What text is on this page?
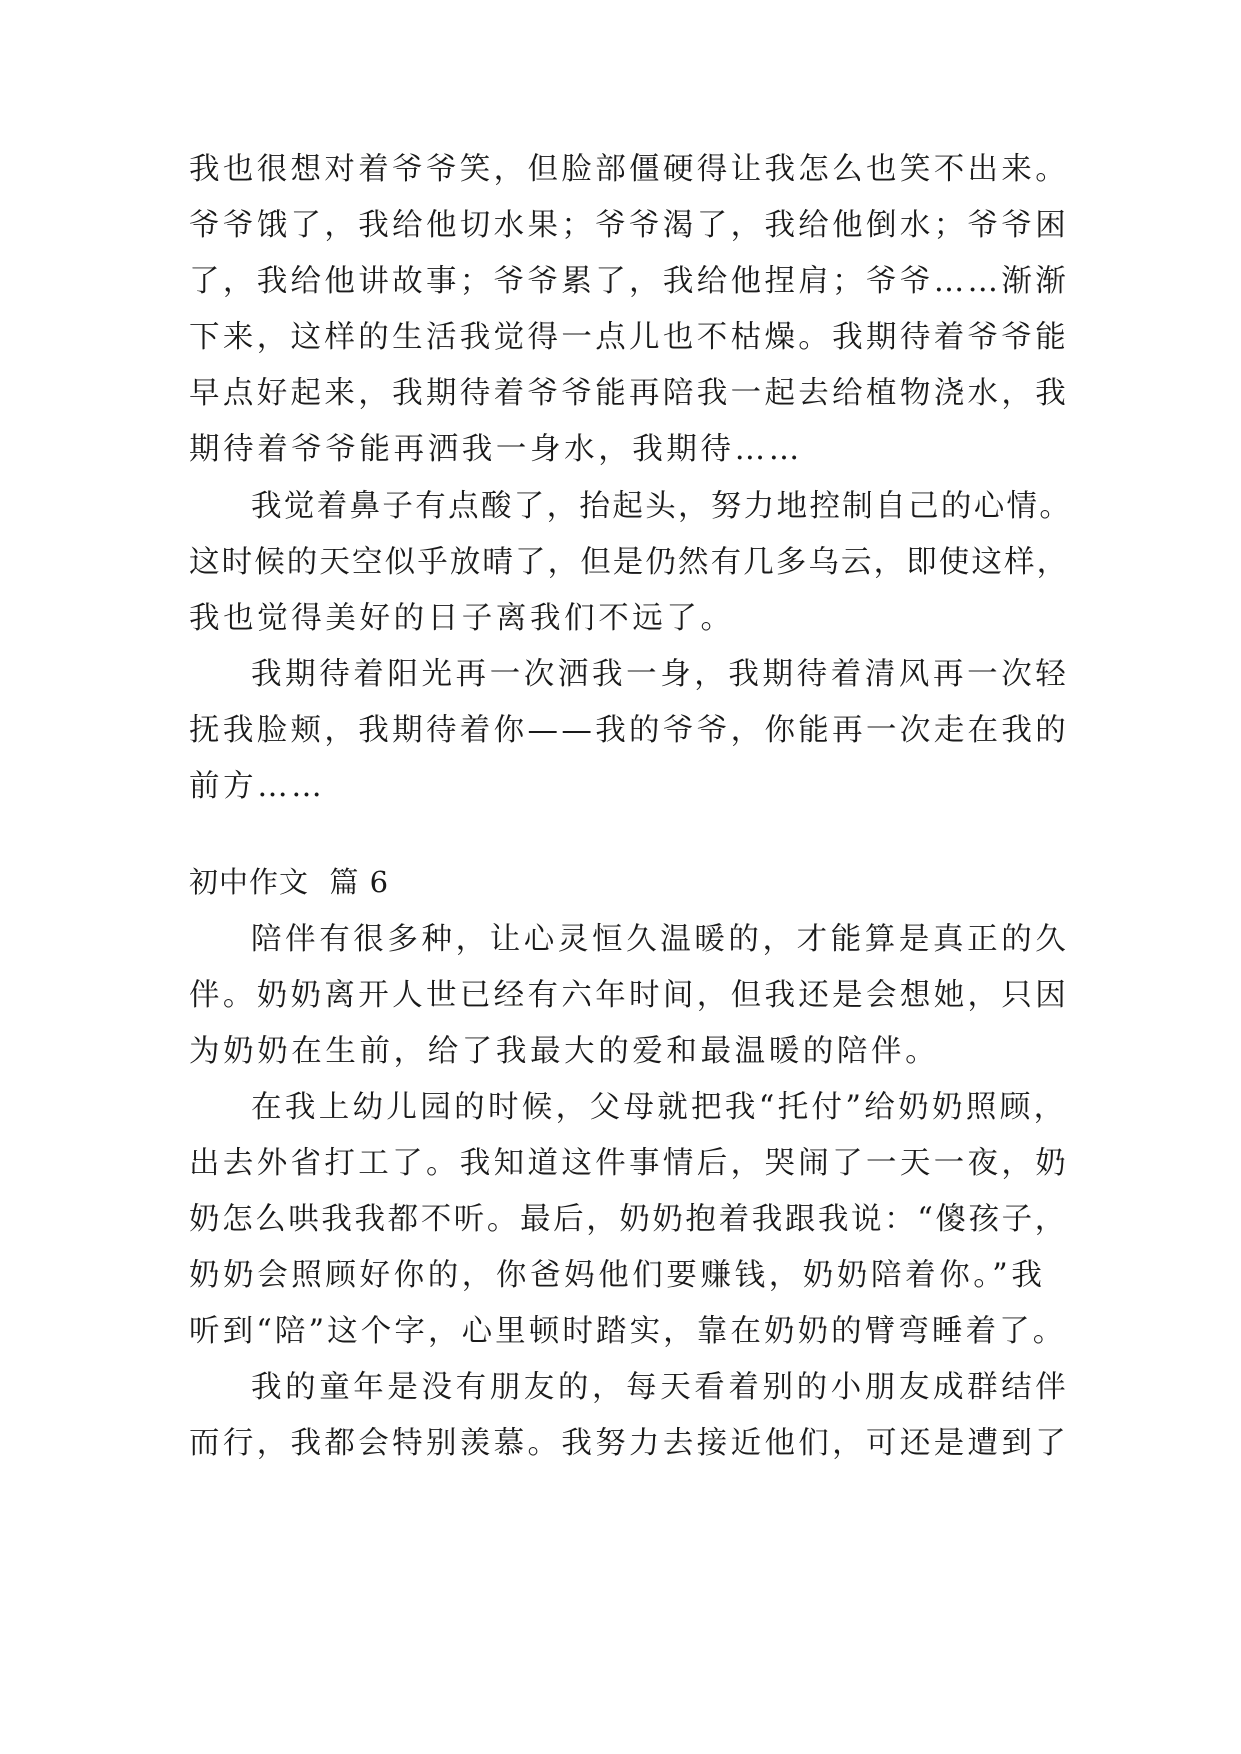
我也很想对着爷爷笑，但脸部僵硬得让我怎么也笑不出来。
爷爷饿了，我给他切水果；爷爷渴了，我给他倒水；爷爷困
了，我给他讲故事；爷爷累了，我给他捏肩；爷爷……渐渐
下来，这样的生活我觉得一点儿也不枯燥。我期待着爷爷能
早点好起来，我期待着爷爷能再陪我一起去给植物浇水，我
期待着爷爷能再洒我一身水，我期待……
我觉着鼻子有点酸了，抬起头，努力地控制自己的心情。
这时候的天空似乎放晴了，但是仍然有几多乌云，即使这样，
我也觉得美好的日子离我们不远了。
我期待着阳光再一次洒我一身，我期待着清风再一次轻
抚我脸颊，我期待着你——我的爷爷，你能再一次走在我的
前方……
初中作文  篇 6
陪伴有很多种，让心灵恒久温暖的，才能算是真正的久
伴。奶奶离开人世已经有六年时间，但我还是会想她，只因
为奶奶在生前，给了我最大的爱和最温暖的陪伴。
在我上幼儿园的时候，父母就把我“托付”给奶奶照顾，
出去外省打工了。我知道这件事情后，哭闹了一天一夜，奶
奶怎么哄我我都不听。最后，奶奶抱着我跟我说：“傻孩子，
奶奶会照顾好你的，你爸妈他们要赚钱，奶奶陪着你。”我
听到“陪”这个字，心里顿时踏实，靠在奶奶的臂弯睡着了。
我的童年是没有朋友的，每天看着别的小朋友成群结伴
而行，我都会特别羡慕。我努力去接近他们，可还是遭到了
